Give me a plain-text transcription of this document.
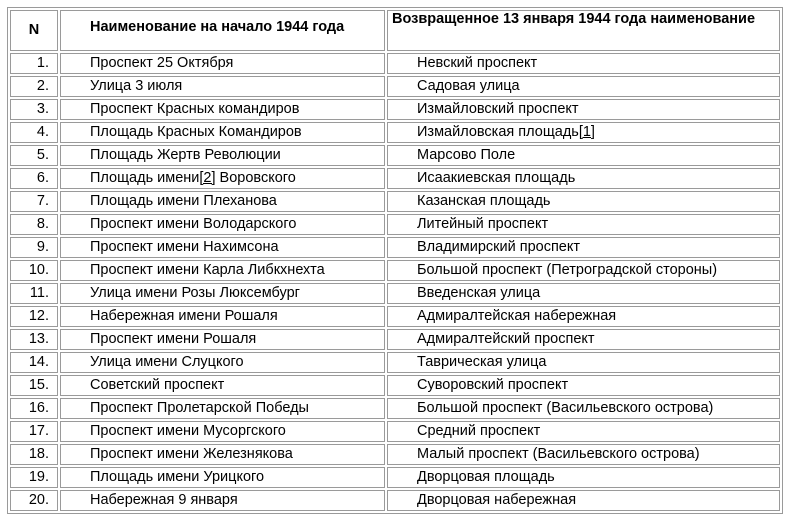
N	Наименование на начало 1944 года	Возвращенное 13 января 1944 года наименование
1.	Проспект 25 Октября	Невский проспект
2.	Улица 3 июля	Садовая улица
3.	Проспект Красных командиров	Измайловский проспект
4.	Площадь Красных Командиров	Измайловская площадь[1]
5.	Площадь Жертв Революции	Марсово Поле
6.	Площадь имени[2] Воровского	Исаакиевская площадь
7.	Площадь имени Плеханова	Казанская площадь
8.	Проспект имени Володарского	Литейный проспект
9.	Проспект имени Нахимсона	Владимирский проспект
10.	Проспект имени Карла Либкхнехта	Большой проспект (Петроградской стороны)
11.	Улица имени Розы Люксембург	Введенская улица
12.	Набережная имени Рошаля	Адмиралтейская набережная
13.	Проспект имени Рошаля	Адмиралтейский проспект
14.	Улица имени Слуцкого	Таврическая улица
15.	Советский проспект	Суворовский проспект
16.	Проспект Пролетарской Победы	Большой проспект (Васильевского острова)
17.	Проспект имени Мусоргского	Средний проспект
18.	Проспект имени Железнякова	Малый проспект (Васильевского острова)
19.	Площадь имени Урицкого	Дворцовая площадь
20.	Набережная 9 января	Дворцовая набережная
